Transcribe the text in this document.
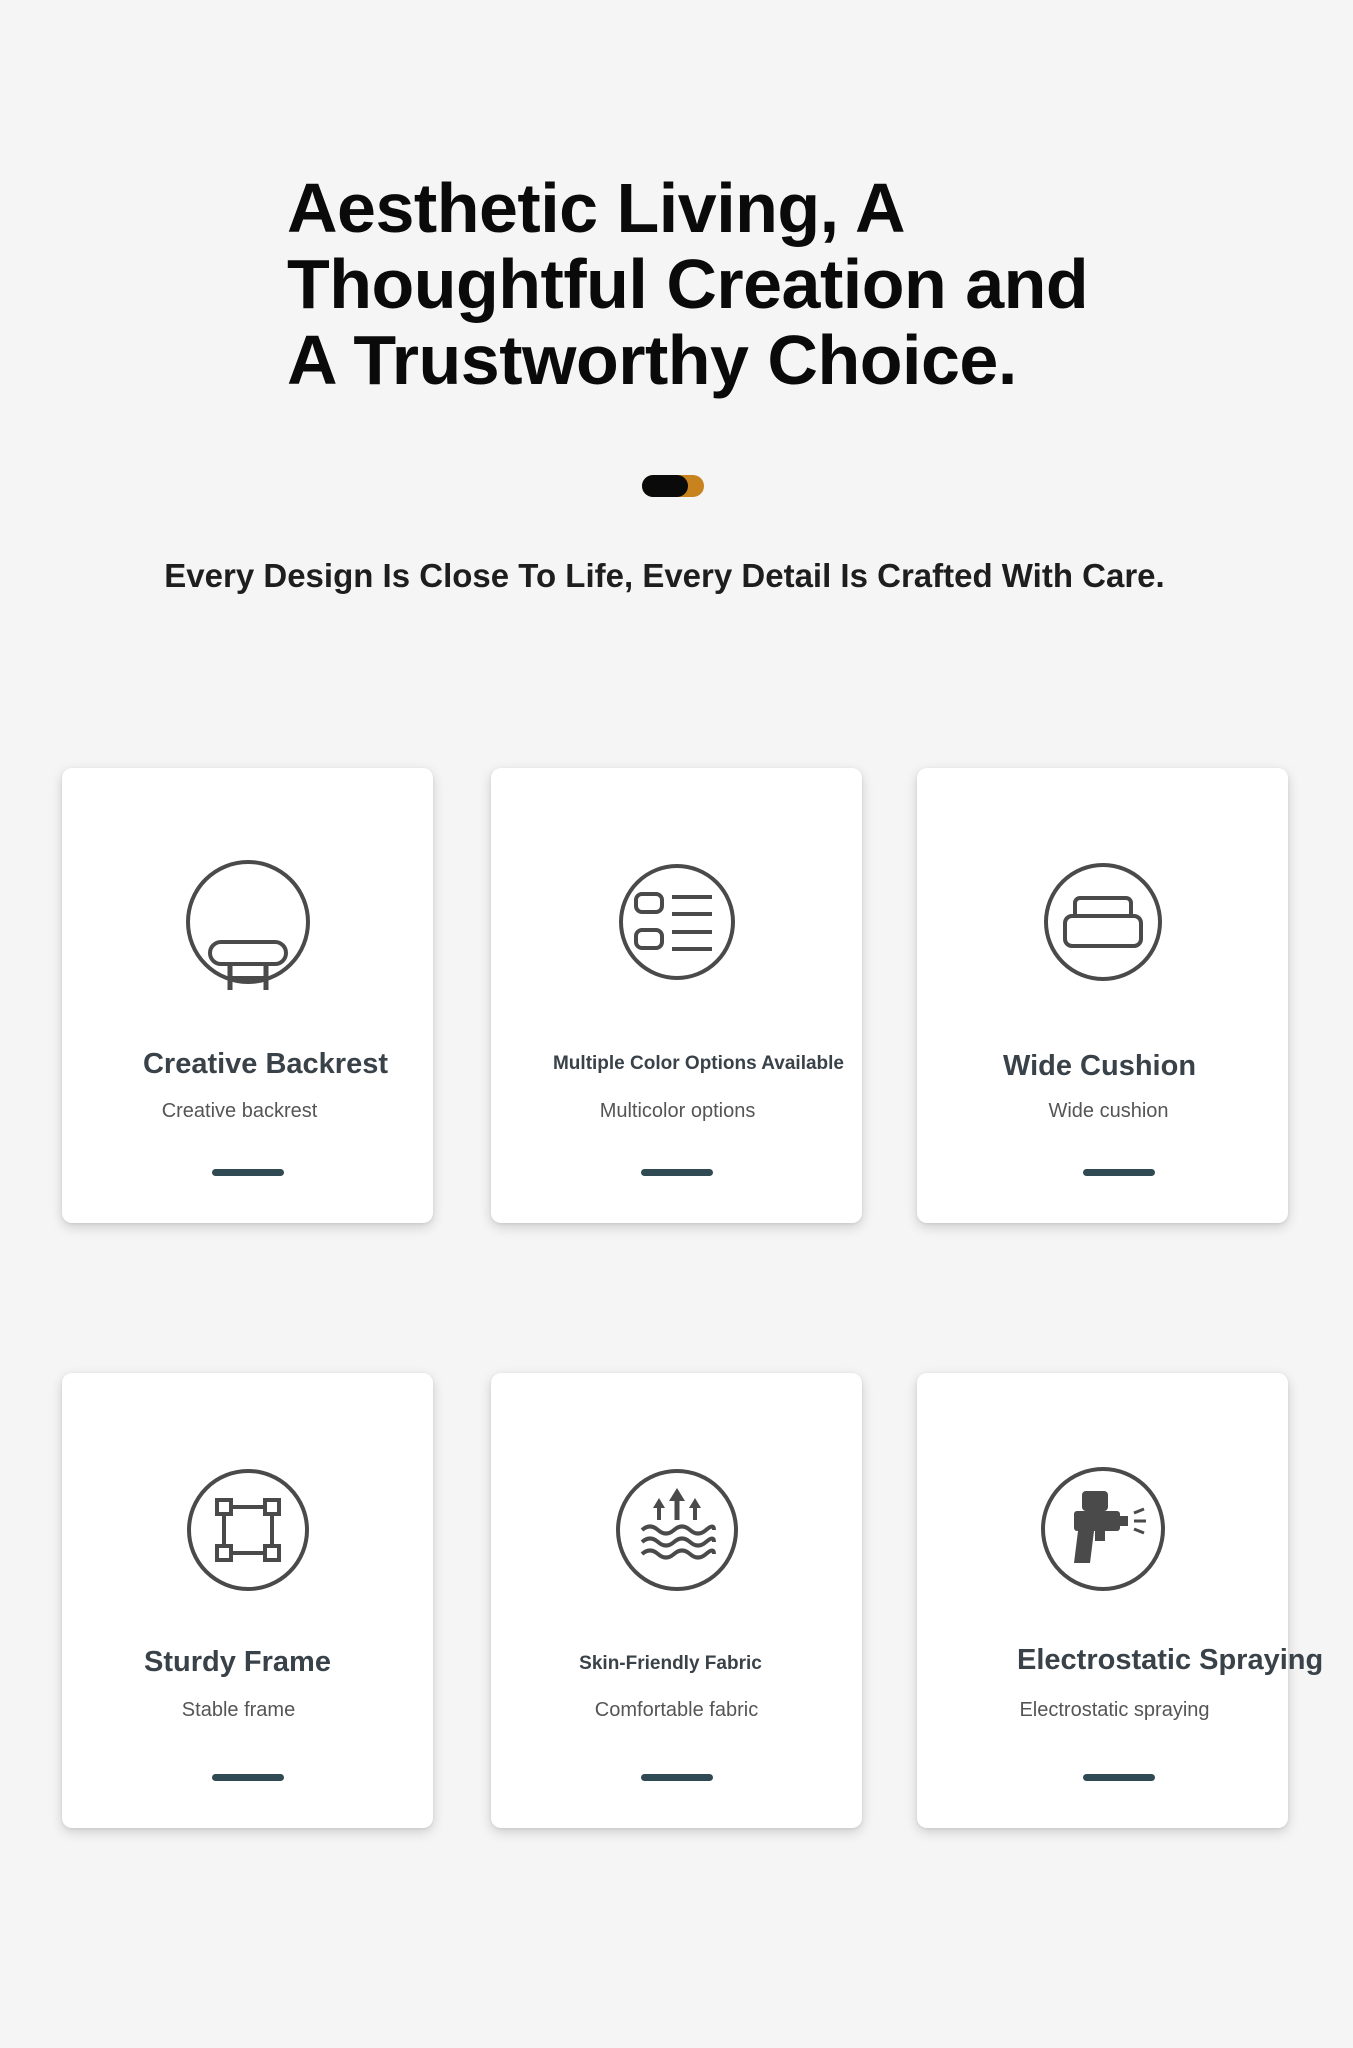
Aesthetic Living, A
Thoughtful Creation and
A Trustworthy Choice.

Every Design Is Close To Life, Every Detail Is Crafted With Care.

Creative Backrest
Creative backrest
Multiple Color Options Available
Multicolor options
Wide Cushion
Wide cushion
Sturdy Frame
Stable frame
Skin-Friendly Fabric
Comfortable fabric
Electrostatic Spraying
Electrostatic spraying
